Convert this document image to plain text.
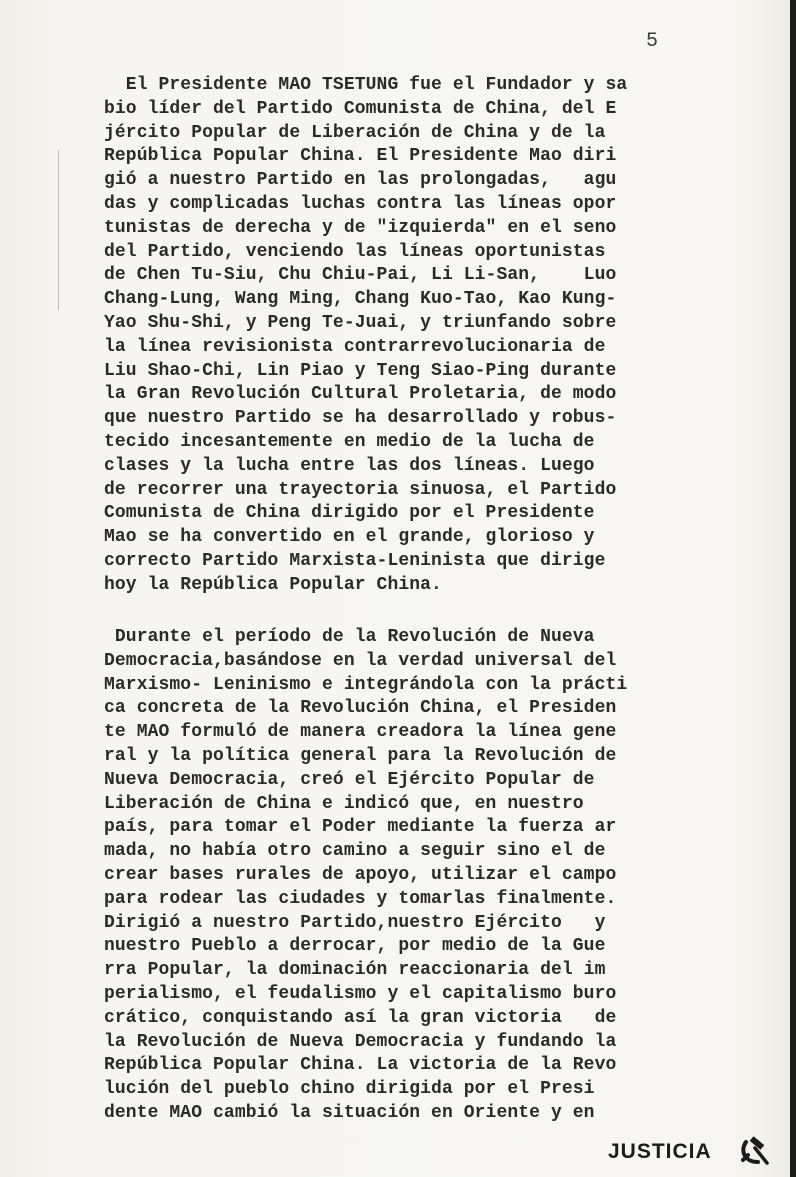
5
El Presidente MAO TSETUNG fue el Fundador y sa
bio líder del Partido Comunista de China, del E
jército Popular de Liberación de China y de la
República Popular China. El Presidente Mao diri
gió a nuestro Partido en las prolongadas,   agu
das y complicadas luchas contra las líneas opor
tunistas de derecha y de "izquierda" en el seno
del Partido, venciendo las líneas oportunistas
de Chen Tu-Siu, Chu Chiu-Pai, Li Li-San,    Luo
Chang-Lung, Wang Ming, Chang Kuo-Tao, Kao Kung-
Yao Shu-Shi, y Peng Te-Juai, y triunfando sobre
la línea revisionista contrarrevolucionaria de
Liu Shao-Chi, Lin Piao y Teng Siao-Ping durante
la Gran Revolución Cultural Proletaria, de modo
que nuestro Partido se ha desarrollado y robus-
tecido incesantemente en medio de la lucha de
clases y la lucha entre las dos líneas. Luego
de recorrer una trayectoria sinuosa, el Partido
Comunista de China dirigido por el Presidente
Mao se ha convertido en el grande, glorioso y
correcto Partido Marxista-Leninista que dirige
hoy la República Popular China.
Durante el período de la Revolución de Nueva
Democracia,basándose en la verdad universal del
Marxismo- Leninismo e integrándola con la prácti
ca concreta de la Revolución China, el Presiden
te MAO formuló de manera creadora la línea gene
ral y la política general para la Revolución de
Nueva Democracia, creó el Ejército Popular de
Liberación de China e indicó que, en nuestro
país, para tomar el Poder mediante la fuerza ar
mada, no había otro camino a seguir sino el de
crear bases rurales de apoyo, utilizar el campo
para rodear las ciudades y tomarlas finalmente.
Dirigió a nuestro Partido,nuestro Ejército   y
nuestro Pueblo a derrocar, por medio de la Gue
rra Popular, la dominación reaccionaria del im
perialismo, el feudalismo y el capitalismo buro
crático, conquistando así la gran victoria   de
la Revolución de Nueva Democracia y fundando la
República Popular China. La victoria de la Revo
lución del pueblo chino dirigida por el Presi
dente MAO cambió la situación en Oriente y en
JUSTICIA
